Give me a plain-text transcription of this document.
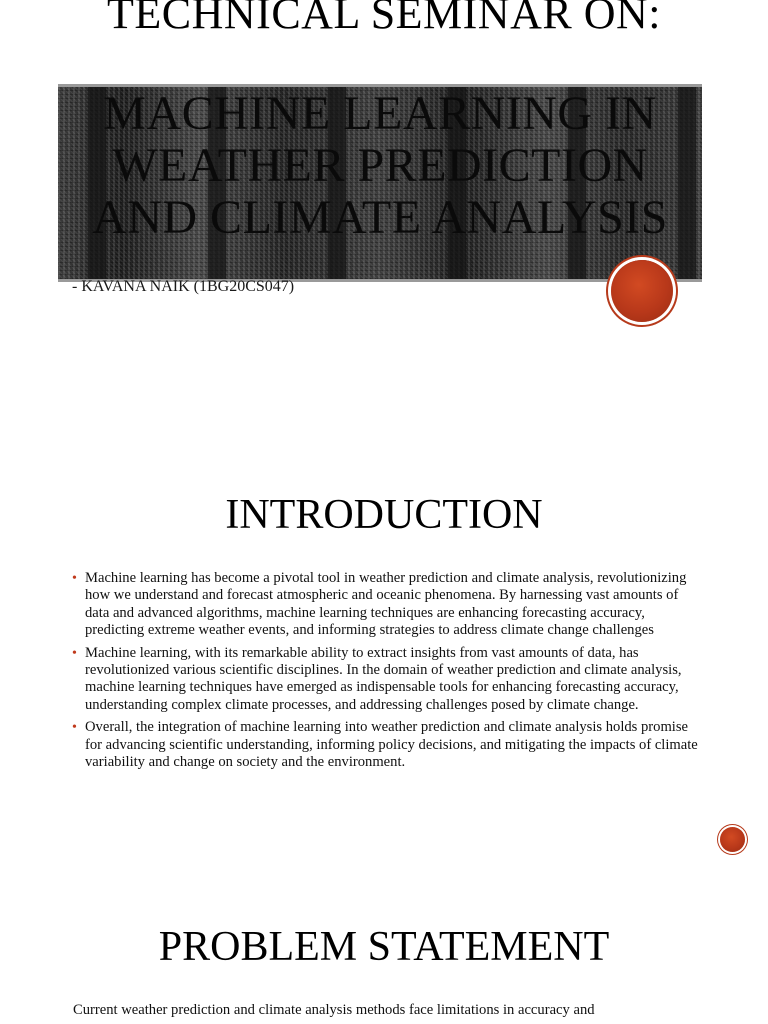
TECHNICAL SEMINAR ON:
MACHINE LEARNING IN WEATHER PREDICTION AND CLIMATE ANALYSIS
- KAVANA NAIK (1BG20CS047)
INTRODUCTION
• Machine learning has become a pivotal tool in weather prediction and climate analysis, revolutionizing how we understand and forecast atmospheric and oceanic phenomena. By harnessing vast amounts of data and advanced algorithms, machine learning techniques are enhancing forecasting accuracy, predicting extreme weather events, and informing strategies to address climate change challenges
• Machine learning, with its remarkable ability to extract insights from vast amounts of data, has revolutionized various scientific disciplines. In the domain of weather prediction and climate analysis, machine learning techniques have emerged as indispensable tools for enhancing forecasting accuracy, understanding complex climate processes, and addressing challenges posed by climate change.
• Overall, the integration of machine learning into weather prediction and climate analysis holds promise for advancing scientific understanding, informing policy decisions, and mitigating the impacts of climate variability and change on society and the environment.
PROBLEM STATEMENT
Current weather prediction and climate analysis methods face limitations in accuracy and
